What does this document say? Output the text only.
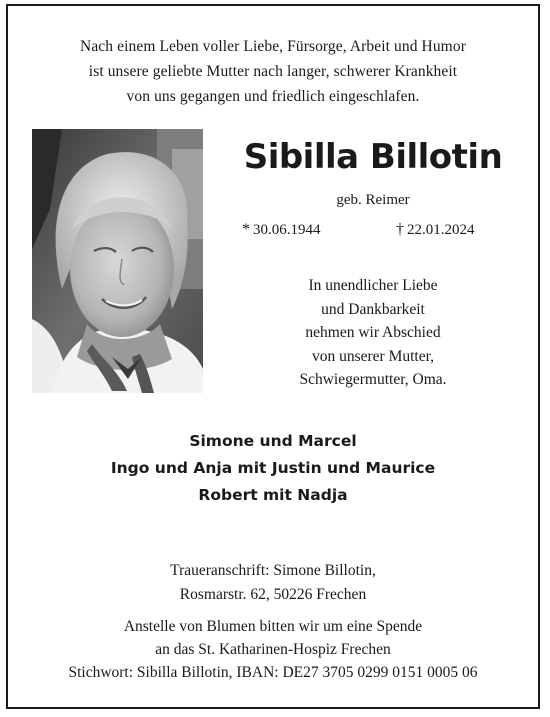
Nach einem Leben voller Liebe, Fürsorge, Arbeit und Humor
ist unsere geliebte Mutter nach langer, schwerer Krankheit
von uns gegangen und friedlich eingeschlafen.
Sibilla Billotin
geb. Reimer
* 30.06.1944	† 22.01.2024
In unendlicher Liebe
und Dankbarkeit
nehmen wir Abschied
von unserer Mutter,
Schwiegermutter, Oma.
Simone und Marcel
Ingo und Anja mit Justin und Maurice
Robert mit Nadja
Traueranschrift: Simone Billotin,
Rosmarstr. 62, 50226 Frechen
Anstelle von Blumen bitten wir um eine Spende
an das St. Katharinen-Hospiz Frechen
Stichwort: Sibilla Billotin, IBAN: DE27 3705 0299 0151 0005 06
